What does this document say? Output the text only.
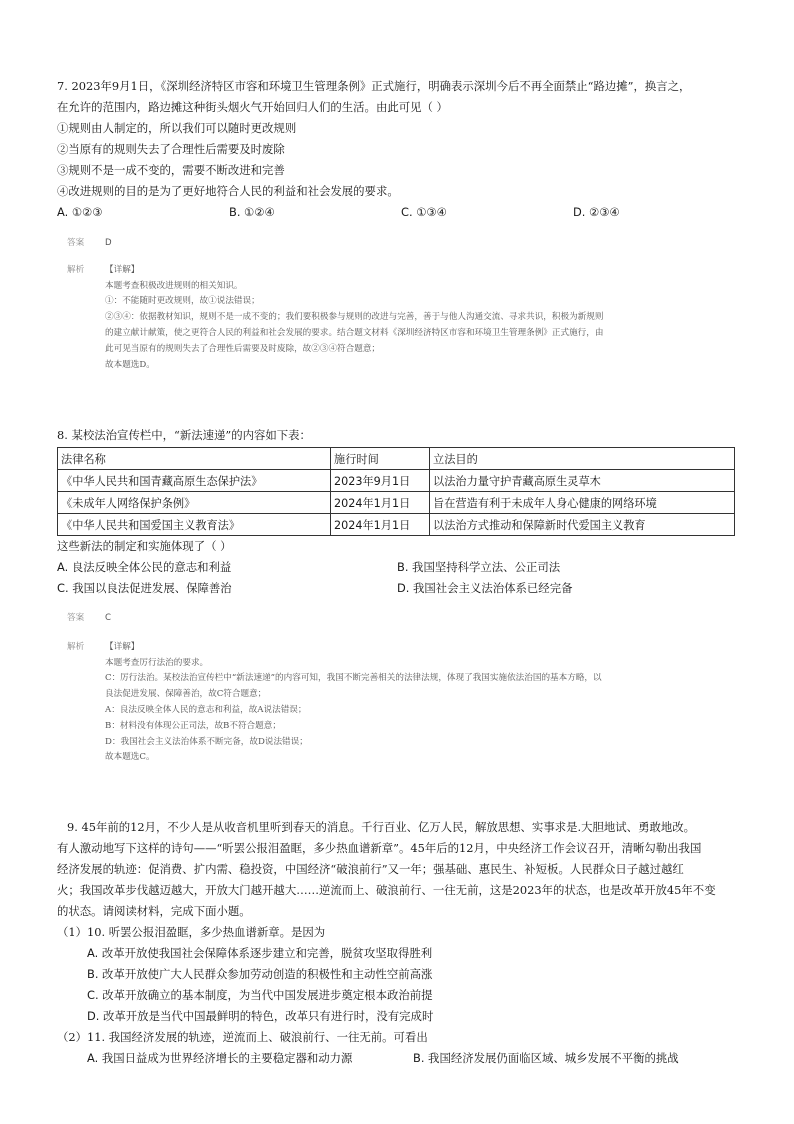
7. 2023年9月1日，《深圳经济特区市容和环境卫生管理条例》正式施行，明确表示深圳今后不再全面禁止“路边摊”，换言之，
在允许的范围内，路边摊这种街头烟火气开始回归人们的生活。由此可见（ ）
①规则由人制定的，所以我们可以随时更改规则
②当原有的规则失去了合理性后需要及时废除
③规则不是一成不变的，需要不断改进和完善
④改进规则的目的是为了更好地符合人民的利益和社会发展的要求。
A. ①②③	B. ①②④	C. ①③④	D. ②③④
答案	D
解析	【详解】
本题考查积极改进规则的相关知识。
①：不能随时更改规则，故①说法错误；
②③④：依据教材知识，规则不是一成不变的；我们要积极参与规则的改进与完善，善于与他人沟通交流、寻求共识，积极为新规则
的建立献计献策，使之更符合人民的利益和社会发展的要求。结合题文材料《深圳经济特区市容和环境卫生管理条例》正式施行，由
此可见当原有的规则失去了合理性后需要及时废除，故②③④符合题意；
故本题选D。
8. 某校法治宣传栏中，“新法速递”的内容如下表：
法律名称	施行时间	立法目的
《中华人民共和国青藏高原生态保护法》	2023年9月1日	以法治力量守护青藏高原生灵草木
《未成年人网络保护条例》	2024年1月1日	旨在营造有利于未成年人身心健康的网络环境
《中华人民共和国爱国主义教育法》	2024年1月1日	以法治方式推动和保障新时代爱国主义教育
这些新法的制定和实施体现了（ ）
A. 良法反映全体公民的意志和利益	B. 我国坚持科学立法、公正司法
C. 我国以良法促进发展、保障善治	D. 我国社会主义法治体系已经完备
答案	C
解析	【详解】
本题考查厉行法治的要求。
C：厉行法治。某校法治宣传栏中“新法速递”的内容可知，我国不断完善相关的法律法规，体现了我国实施依法治国的基本方略，以
良法促进发展、保障善治，故C符合题意；
A：良法反映全体人民的意志和利益，故A说法错误；
B：材料没有体现公正司法，故B不符合题意；
D：我国社会主义法治体系不断完备，故D说法错误；
故本题选C。
9. 45年前的12月，不少人是从收音机里听到春天的消息。千行百业、亿万人民，解放思想、实事求是.大胆地试、勇敢地改。
有人激动地写下这样的诗句——“听罢公报泪盈眶，多少热血谱新章”。45年后的12月，中央经济工作会议召开，清晰勾勒出我国
经济发展的轨迹：促消费、扩内需、稳投资，中国经济“破浪前行”又一年；强基础、惠民生、补短板。人民群众日子越过越红
火；我国改革步伐越迈越大，开放大门越开越大……逆流而上、破浪前行、一往无前，这是2023年的状态，也是改革开放45年不变
的状态。请阅读材料，完成下面小题。
（1）10. 听罢公报泪盈眶，多少热血谱新章。是因为
A. 改革开放使我国社会保障体系逐步建立和完善，脱贫攻坚取得胜利
B. 改革开放使广大人民群众参加劳动创造的积极性和主动性空前高涨
C. 改革开放确立的基本制度，为当代中国发展进步奠定根本政治前提
D. 改革开放是当代中国最鲜明的特色，改革只有进行时，没有完成时
（2）11. 我国经济发展的轨迹，逆流而上、破浪前行、一往无前。可看出
A. 我国日益成为世界经济增长的主要稳定器和动力源	B. 我国经济发展仍面临区域、城乡发展不平衡的挑战
